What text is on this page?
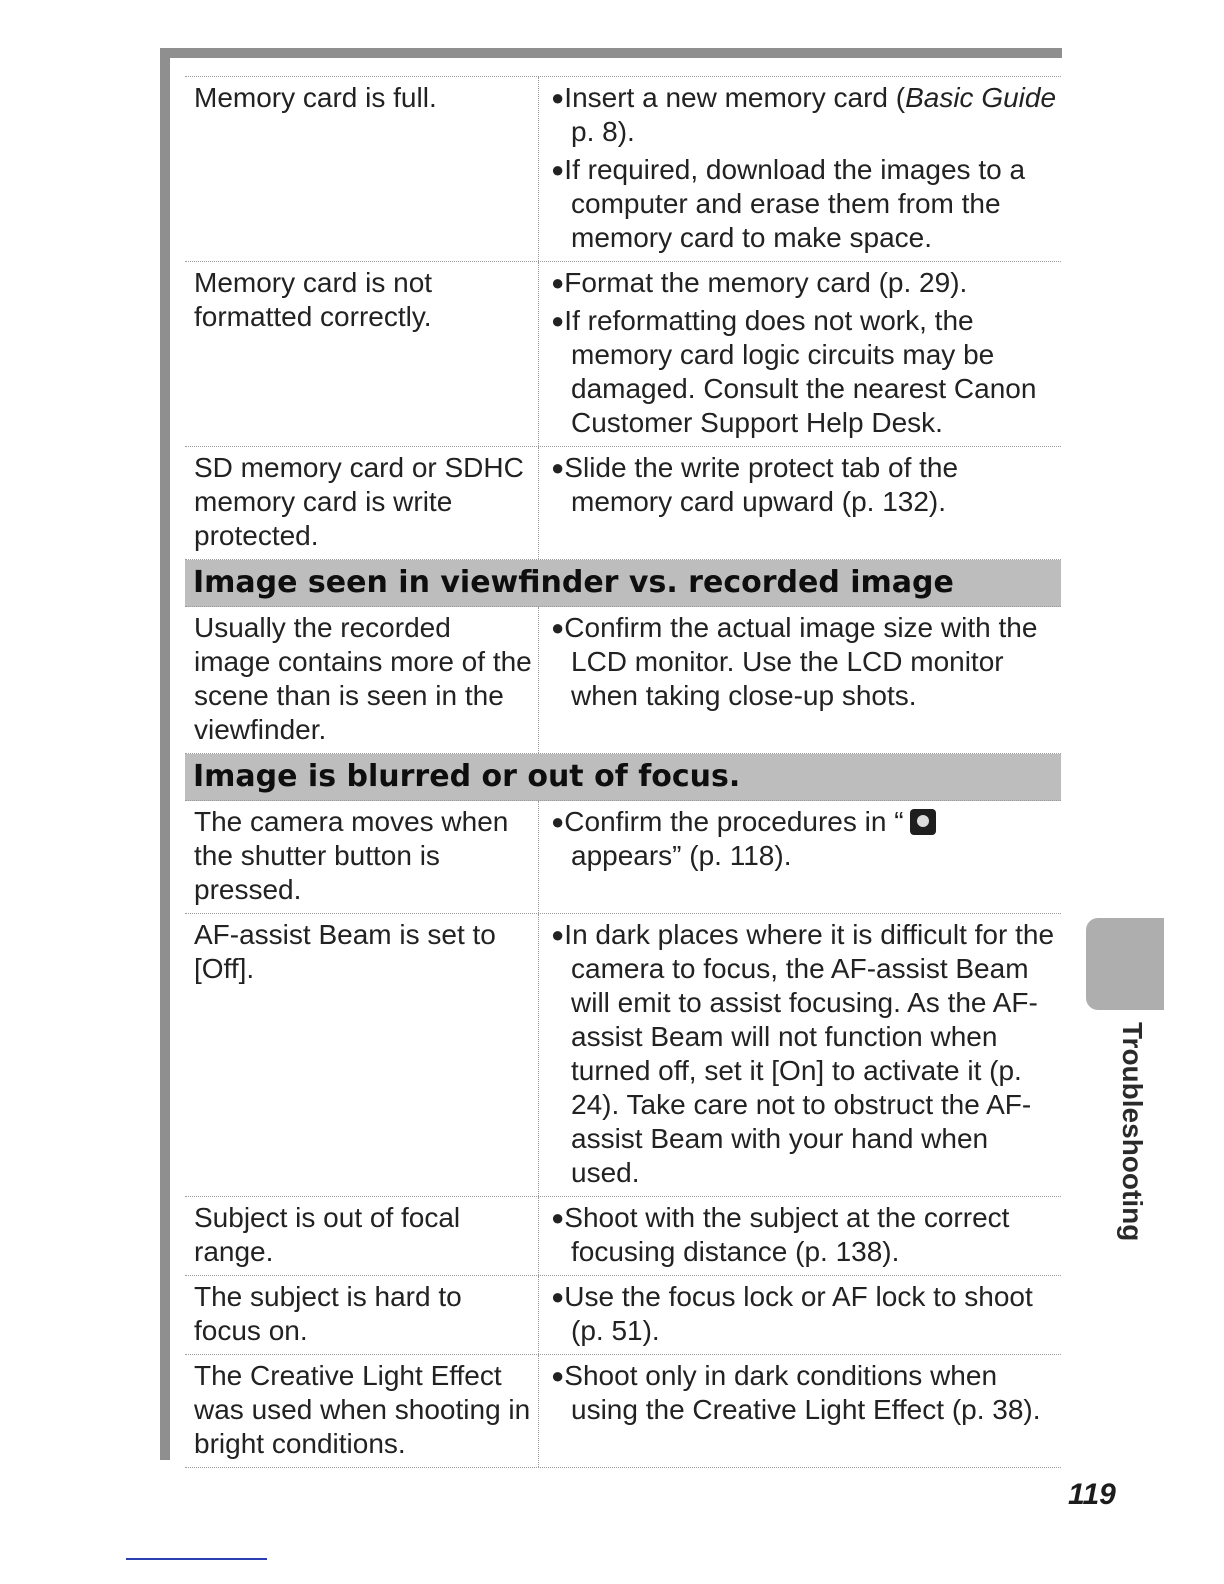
Memory card is full.	●Insert a new memory card (Basic Guide p. 8).

●If required, download the images to a computer and erase them from the memory card to make space.

Memory card is not formatted correctly.

●Format the memory card (p. 29).

●If reformatting does not work, the memory card logic circuits may be damaged. Consult the nearest Canon Customer Support Help Desk.

SD memory card or SDHC memory card is write protected.

●Slide the write protect tab of the memory card upward (p. 132).

Image seen in viewfinder vs. recorded image
Usually the recorded image contains more of the scene than is seen in the viewfinder.

●Confirm the actual image size with the LCD monitor. Use the LCD monitor when taking close-up shots.

Image is blurred or out of focus.
The camera moves when the shutter button is pressed.

●Confirm the procedures in “
appears” (p. 118).

AF-assist Beam is set to [Off].

●In dark places where it is difficult for the camera to focus, the AF-assist Beam will emit to assist focusing. As the AF-assist Beam will not function when turned off, set it [On] to activate it (p. 24). Take care not to obstruct the AF-assist Beam with your hand when used.

Subject is out of focal range.

●Shoot with the subject at the correct focusing distance (p. 138).

The subject is hard to focus on.

●Use the focus lock or AF lock to shoot (p. 51).

The Creative Light Effect was used when shooting in bright conditions.

●Shoot only in dark conditions when using the Creative Light Effect (p. 38).

Troubleshooting
119
